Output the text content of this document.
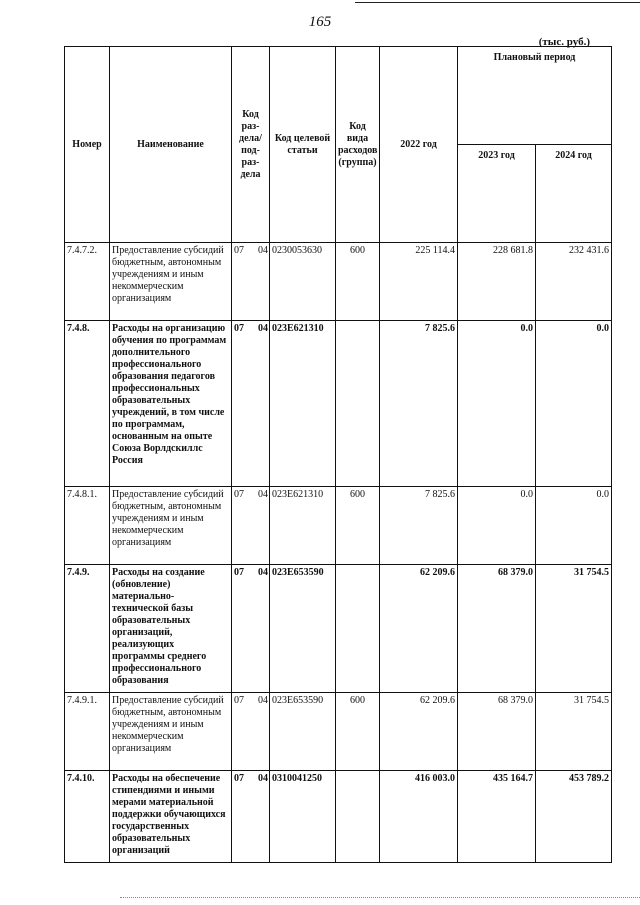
165
(тыс. руб.)
Номер	Наименование	Код раз-дела/ под-раз-дела	Код целевой статьи	Код вида расходов (группа)	2022 год	Плановый период	
						2023 год	2024 год
7.4.7.2.	Предоставление субсидий бюджетным, автономным учреждениям и иным некоммерческим организациям	07 04	0230053630	600	225 114.4	228 681.8	232 431.6
7.4.8.	Расходы на организацию обучения по программам дополнительного профессионального образования педагогов профессиональных образовательных учреждений, в том числе по программам, основанным на опыте Союза Ворлдскиллс Россия	07 04	023E621310		7 825.6	0.0	0.0
7.4.8.1.	Предоставление субсидий бюджетным, автономным учреждениям и иным некоммерческим организациям	07 04	023E621310	600	7 825.6	0.0	0.0
7.4.9.	Расходы на создание (обновление) материально-технической базы образовательных организаций, реализующих программы среднего профессионального образования	07 04	023E653590		62 209.6	68 379.0	31 754.5
7.4.9.1.	Предоставление субсидий бюджетным, автономным учреждениям и иным некоммерческим организациям	07 04	023E653590	600	62 209.6	68 379.0	31 754.5
7.4.10.	Расходы на обеспечение стипендиями и иными мерами материальной поддержки обучающихся государственных образовательных организаций	07 04	0310041250		416 003.0	435 164.7	453 789.2
